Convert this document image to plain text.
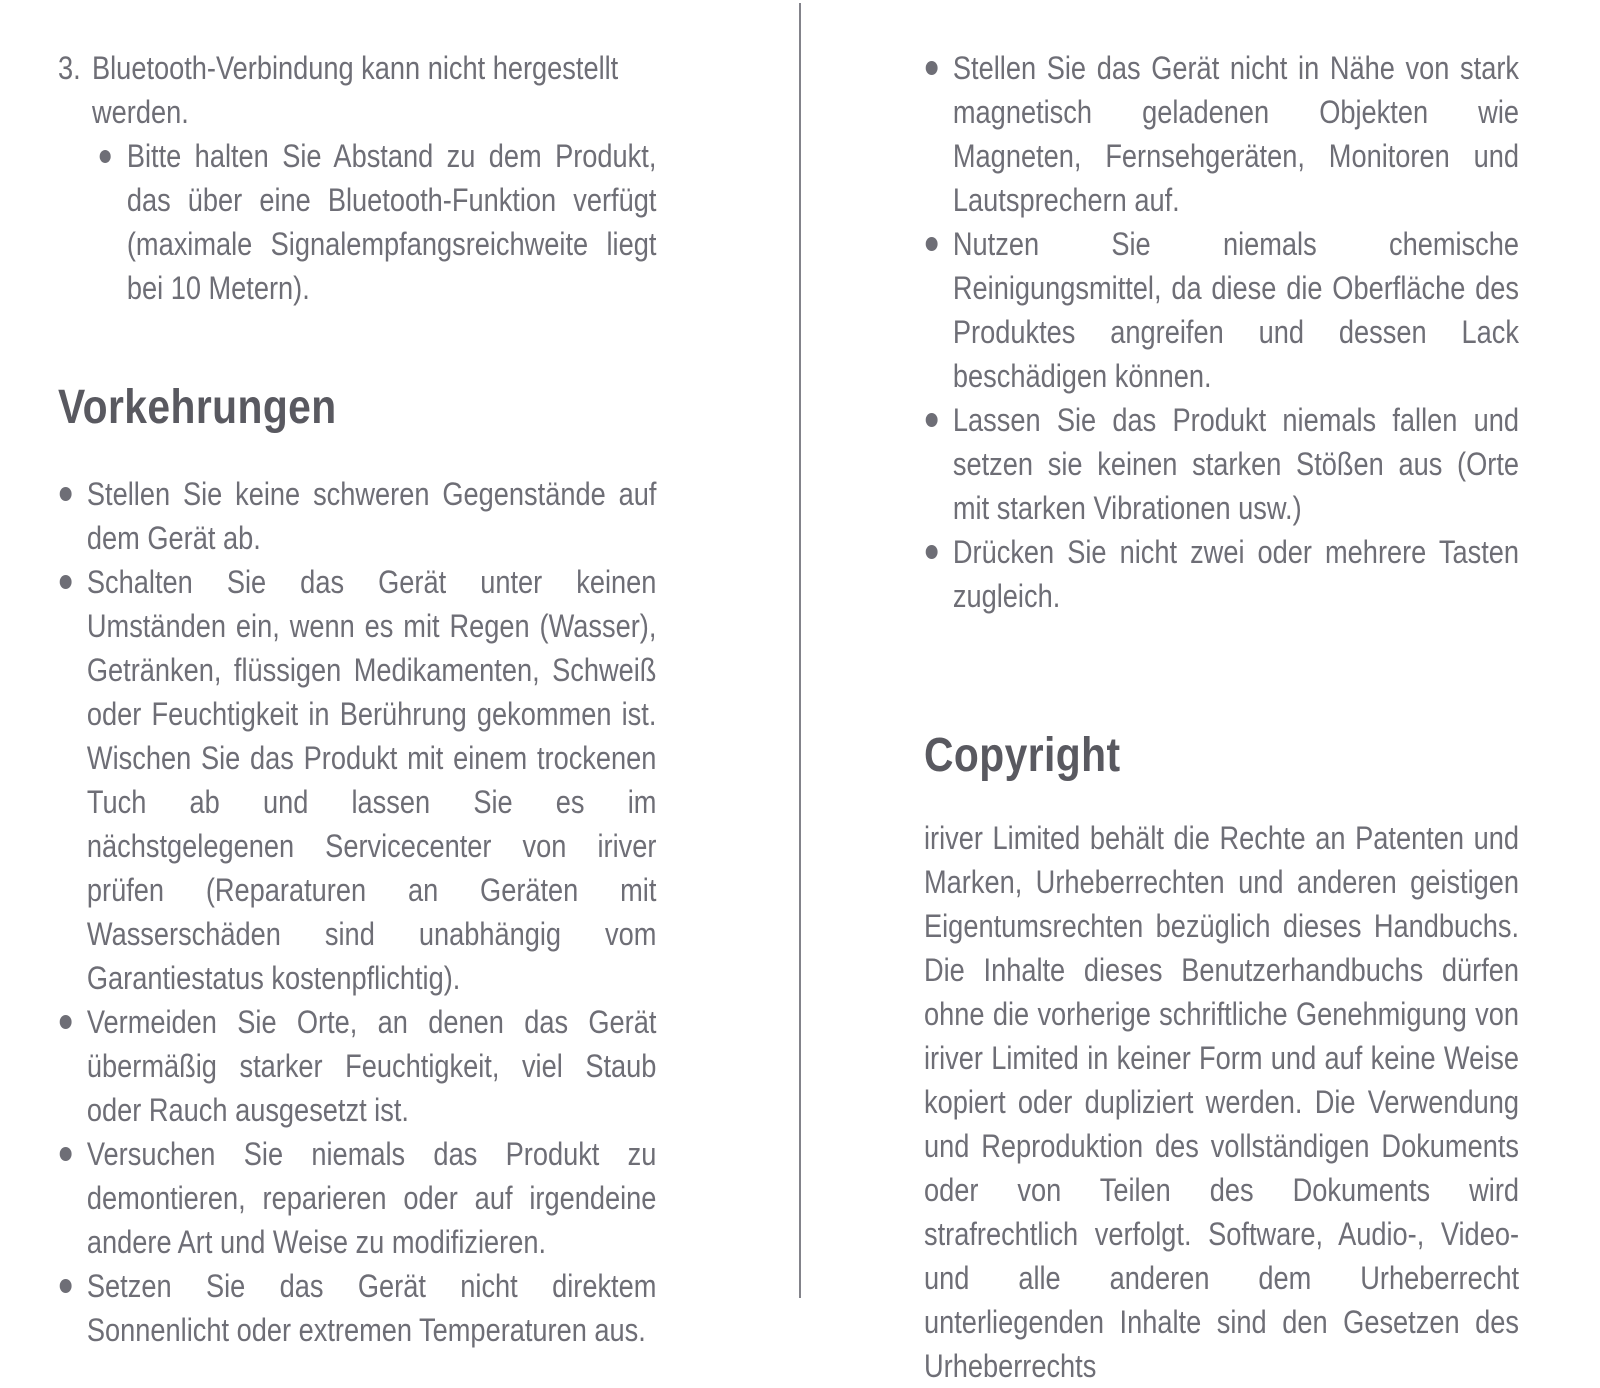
3. Bluetooth-Verbindung kann nicht hergestellt werden.
Bitte halten Sie Abstand zu dem Produkt, das über eine Bluetooth-Funktion verfügt (maximale Signalempfangsreichweite liegt bei 10 Metern).
Vorkehrungen
Stellen Sie keine schweren Gegenstände auf dem Gerät ab.
Schalten Sie das Gerät unter keinen Umständen ein, wenn es mit Regen (Wasser), Getränken, flüssigen Medikamenten, Schweiß oder Feuchtigkeit in Berührung gekommen ist. Wischen Sie das Produkt mit einem trockenen Tuch ab und lassen Sie es im nächstgelegenen Servicecenter von iriver prüfen (Reparaturen an Geräten mit Wasserschäden sind unabhängig vom Garantiestatus kostenpflichtig).
Vermeiden Sie Orte, an denen das Gerät übermäßig starker Feuchtigkeit, viel Staub oder Rauch ausgesetzt ist.
Versuchen Sie niemals das Produkt zu demontieren, reparieren oder auf irgendeine andere Art und Weise zu modifizieren.
Setzen Sie das Gerät nicht direktem Sonnenlicht oder extremen Temperaturen aus.
Stellen Sie das Gerät nicht in Nähe von stark magnetisch geladenen Objekten wie Magneten, Fernsehgeräten, Monitoren und Lautsprechern auf.
Nutzen Sie niemals chemische Reinigungsmittel, da diese die Oberfläche des Produktes angreifen und dessen Lack beschädigen können.
Lassen Sie das Produkt niemals fallen und setzen sie keinen starken Stößen aus (Orte mit starken Vibrationen usw.)
Drücken Sie nicht zwei oder mehrere Tasten zugleich.
Copyright

iriver Limited behält die Rechte an Patenten und Marken, Urheberrechten und anderen geistigen Eigentumsrechten bezüglich dieses Handbuchs. Die Inhalte dieses Benutzerhandbuchs dürfen ohne die vorherige schriftliche Genehmigung von iriver Limited in keiner Form und auf keine Weise kopiert oder dupliziert werden. Die Verwendung und Reproduktion des vollständigen Dokuments oder von Teilen des Dokuments wird strafrechtlich verfolgt. Software, Audio-, Video- und alle anderen dem Urheberrecht unterliegenden Inhalte sind den Gesetzen des Urheberrechts
